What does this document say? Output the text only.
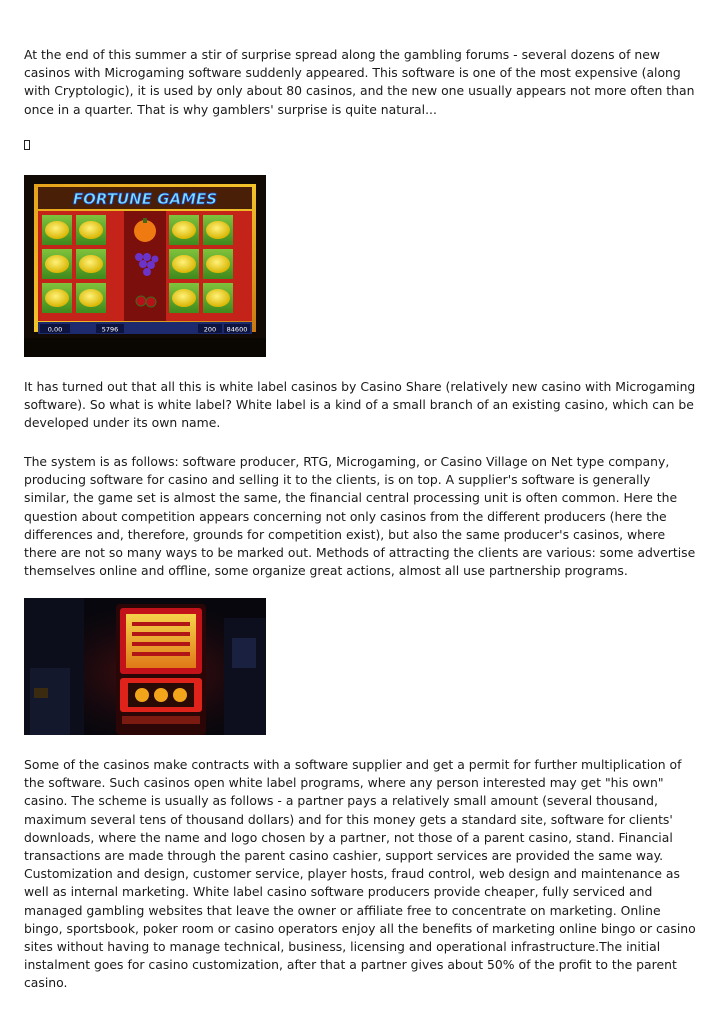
At the end of this summer a stir of surprise spread along the gambling forums - several dozens of new casinos with Microgaming software suddenly appeared. This software is one of the most expensive (along with Cryptologic), it is used by only about 80 casinos, and the new one usually appears not more often than once in a quarter. That is why gamblers' surprise is quite natural...

FORTUNE GAMES
0,00	5796	200 84600

It has turned out that all this is white label casinos by Casino Share (relatively new casino with Microgaming software). So what is white label? White label is a kind of a small branch of an existing casino, which can be developed under its own name.

The system is as follows: software producer, RTG, Microgaming, or Casino Village on Net type company, producing software for casino and selling it to the clients, is on top. A supplier's software is generally similar, the game set is almost the same, the financial central processing unit is often common. Here the question about competition appears concerning not only casinos from the different producers (here the differences and, therefore, grounds for competition exist), but also the same producer's casinos, where there are not so many ways to be marked out. Methods of attracting the clients are various: some advertise themselves online and offline, some organize great actions, almost all use partnership programs.

Some of the casinos make contracts with a software supplier and get a permit for further multiplication of the software. Such casinos open white label programs, where any person interested may get "his own" casino. The scheme is usually as follows - a partner pays a relatively small amount (several thousand, maximum several tens of thousand dollars) and for this money gets a standard site, software for clients' downloads, where the name and logo chosen by a partner, not those of a parent casino, stand. Financial transactions are made through the parent casino cashier, support services are provided the same way. Customization and design, customer service, player hosts, fraud control, web design and maintenance as well as internal marketing. White label casino software producers provide cheaper, fully serviced and managed gambling websites that leave the owner or affiliate free to concentrate on marketing. Online bingo, sportsbook, poker room or casino operators enjoy all the benefits of marketing online bingo or casino sites without having to manage technical, business, licensing and operational infrastructure.The initial instalment goes for casino customization, after that a partner gives about 50% of the profit to the parent casino.
